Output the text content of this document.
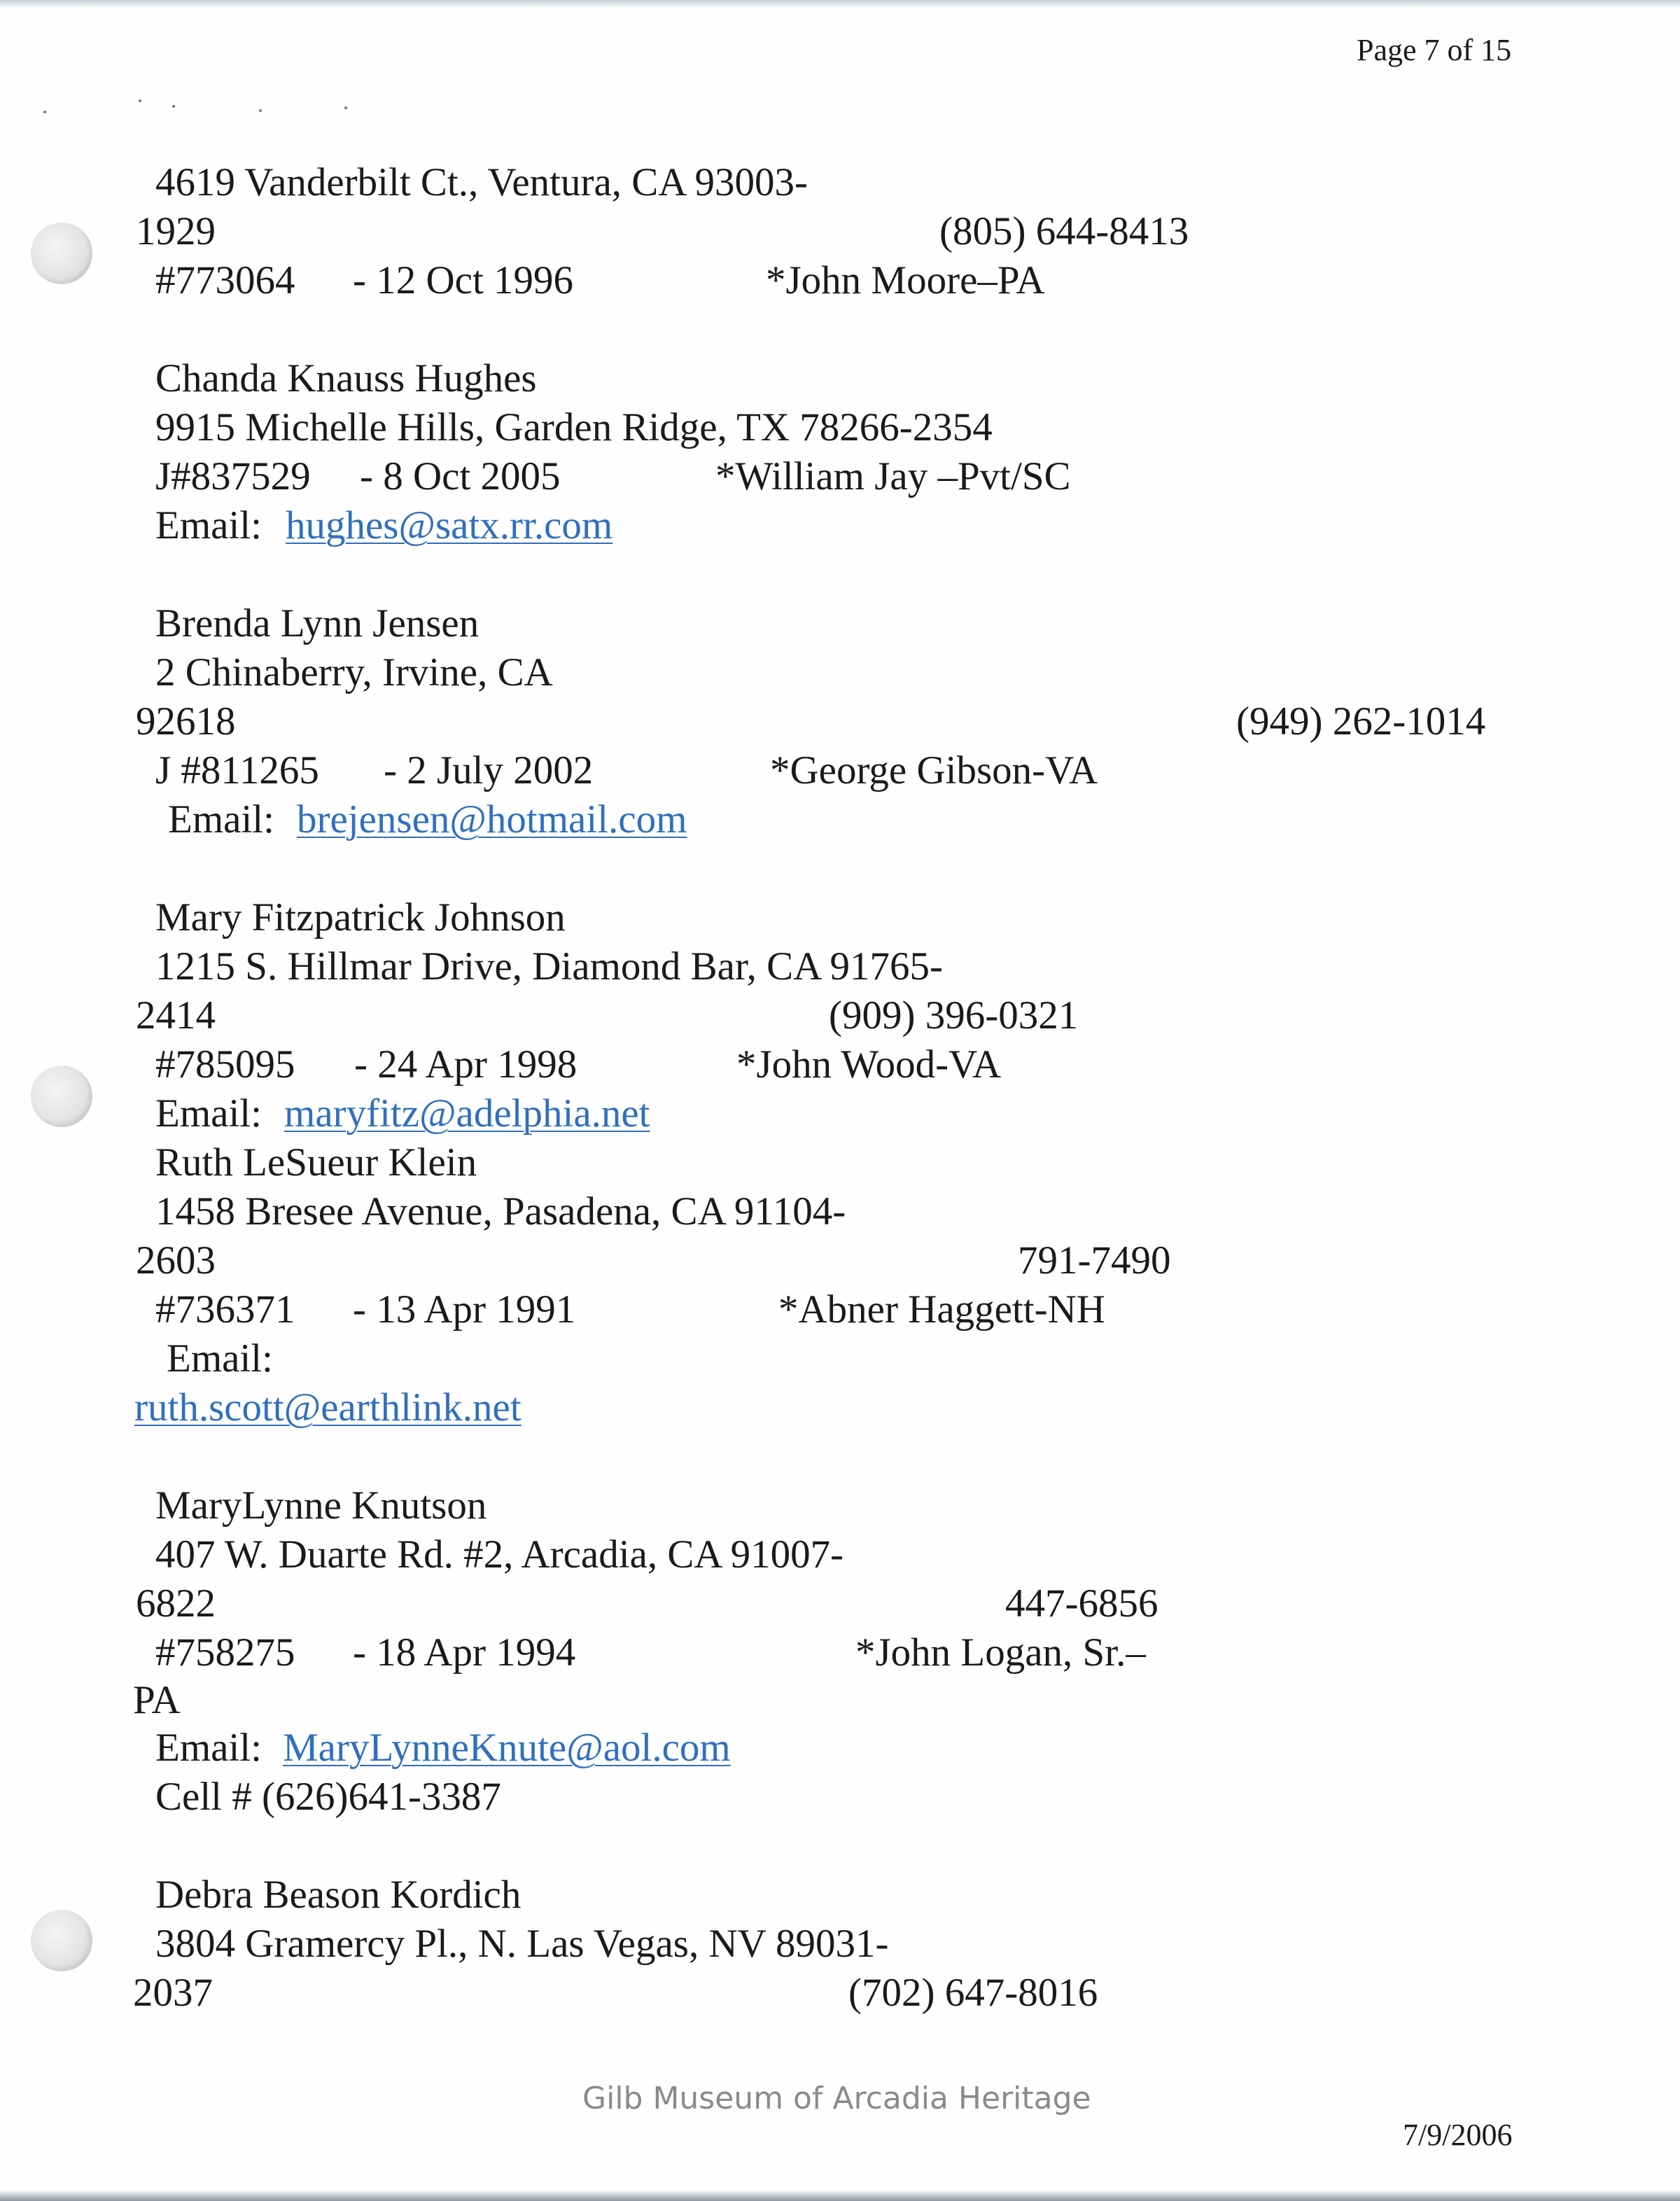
Page 7 of 15
4619 Vanderbilt Ct., Ventura, CA 93003-
1929	(805) 644-8413
#773064 - 12 Oct 1996	*John Moore–PA
Chanda Knauss Hughes
9915 Michelle Hills, Garden Ridge, TX 78266-2354
J#837529 - 8 Oct 2005	*William Jay –Pvt/SC
Email: hughes@satx.rr.com
Brenda Lynn Jensen
2 Chinaberry, Irvine, CA
92618	(949) 262-1014
J #811265 - 2 July 2002	*George Gibson-VA
Email: brejensen@hotmail.com
Mary Fitzpatrick Johnson
1215 S. Hillmar Drive, Diamond Bar, CA 91765-
2414	(909) 396-0321
#785095 - 24 Apr 1998	*John Wood-VA
Email: maryfitz@adelphia.net
Ruth LeSueur Klein
1458 Bresee Avenue, Pasadena, CA 91104-
2603	791-7490
#736371 - 13 Apr 1991	*Abner Haggett-NH
Email:
ruth.scott@earthlink.net
MaryLynne Knutson
407 W. Duarte Rd. #2, Arcadia, CA 91007-
6822	447-6856
#758275 - 18 Apr 1994	*John Logan, Sr.–
PA
Email: MaryLynneKnute@aol.com
Cell # (626)641-3387
Debra Beason Kordich
3804 Gramercy Pl., N. Las Vegas, NV 89031-
2037	(702) 647-8016
Gilb Museum of Arcadia Heritage
7/9/2006
